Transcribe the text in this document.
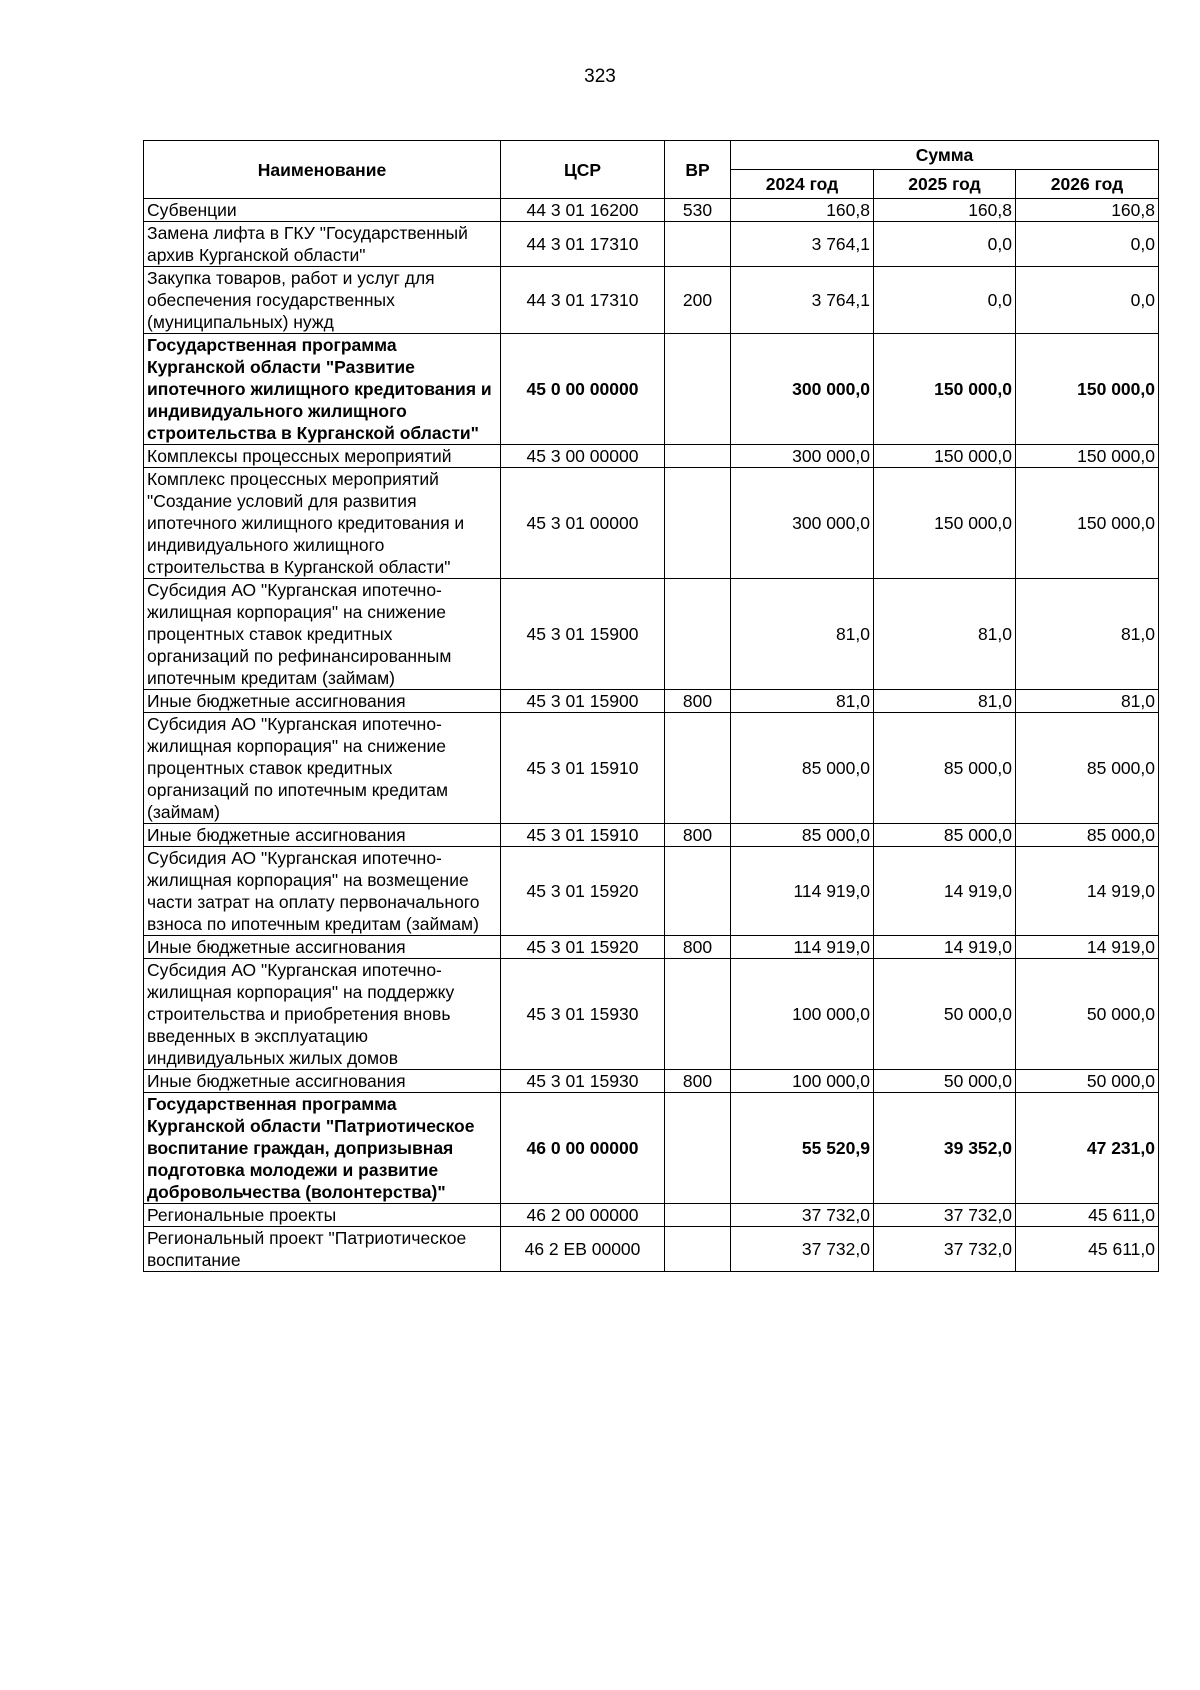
323
Наименование	ЦСР	ВР	Сумма		
			2024 год	2025 год	2026 год
Субвенции	44 3 01 16200	530	160,8	160,8	160,8
Замена лифта в ГКУ "Государственный архив Курганской области"	44 3 01 17310		3 764,1	0,0	0,0
Закупка товаров, работ и услуг для обеспечения государственных (муниципальных) нужд	44 3 01 17310	200	3 764,1	0,0	0,0
Государственная программа Курганской области "Развитие ипотечного жилищного кредитования и индивидуального жилищного строительства в Курганской области"	45 0 00 00000		300 000,0	150 000,0	150 000,0
Комплексы процессных мероприятий	45 3 00 00000		300 000,0	150 000,0	150 000,0
Комплекс процессных мероприятий "Создание условий для развития ипотечного жилищного кредитования и индивидуального жилищного строительства в Курганской области"	45 3 01 00000		300 000,0	150 000,0	150 000,0
Субсидия АО "Курганская ипотечно-жилищная корпорация" на снижение процентных ставок кредитных организаций по рефинансированным ипотечным кредитам (займам)	45 3 01 15900		81,0	81,0	81,0
Иные бюджетные ассигнования	45 3 01 15900	800	81,0	81,0	81,0
Субсидия АО "Курганская ипотечно-жилищная корпорация" на снижение процентных ставок кредитных организаций по ипотечным кредитам (займам)	45 3 01 15910		85 000,0	85 000,0	85 000,0
Иные бюджетные ассигнования	45 3 01 15910	800	85 000,0	85 000,0	85 000,0
Субсидия АО "Курганская ипотечно-жилищная корпорация" на возмещение части затрат на оплату первоначального взноса по ипотечным кредитам (займам)	45 3 01 15920		114 919,0	14 919,0	14 919,0
Иные бюджетные ассигнования	45 3 01 15920	800	114 919,0	14 919,0	14 919,0
Субсидия АО "Курганская ипотечно-жилищная корпорация" на поддержку строительства и приобретения вновь введенных в эксплуатацию индивидуальных жилых домов	45 3 01 15930		100 000,0	50 000,0	50 000,0
Иные бюджетные ассигнования	45 3 01 15930	800	100 000,0	50 000,0	50 000,0
Государственная программа Курганской области "Патриотическое воспитание граждан, допризывная подготовка молодежи и развитие добровольчества (волонтерства)"	46 0 00 00000		55 520,9	39 352,0	47 231,0
Региональные проекты	46 2 00 00000		37 732,0	37 732,0	45 611,0
Региональный проект "Патриотическое воспитание	46 2 ЕВ 00000		37 732,0	37 732,0	45 611,0
